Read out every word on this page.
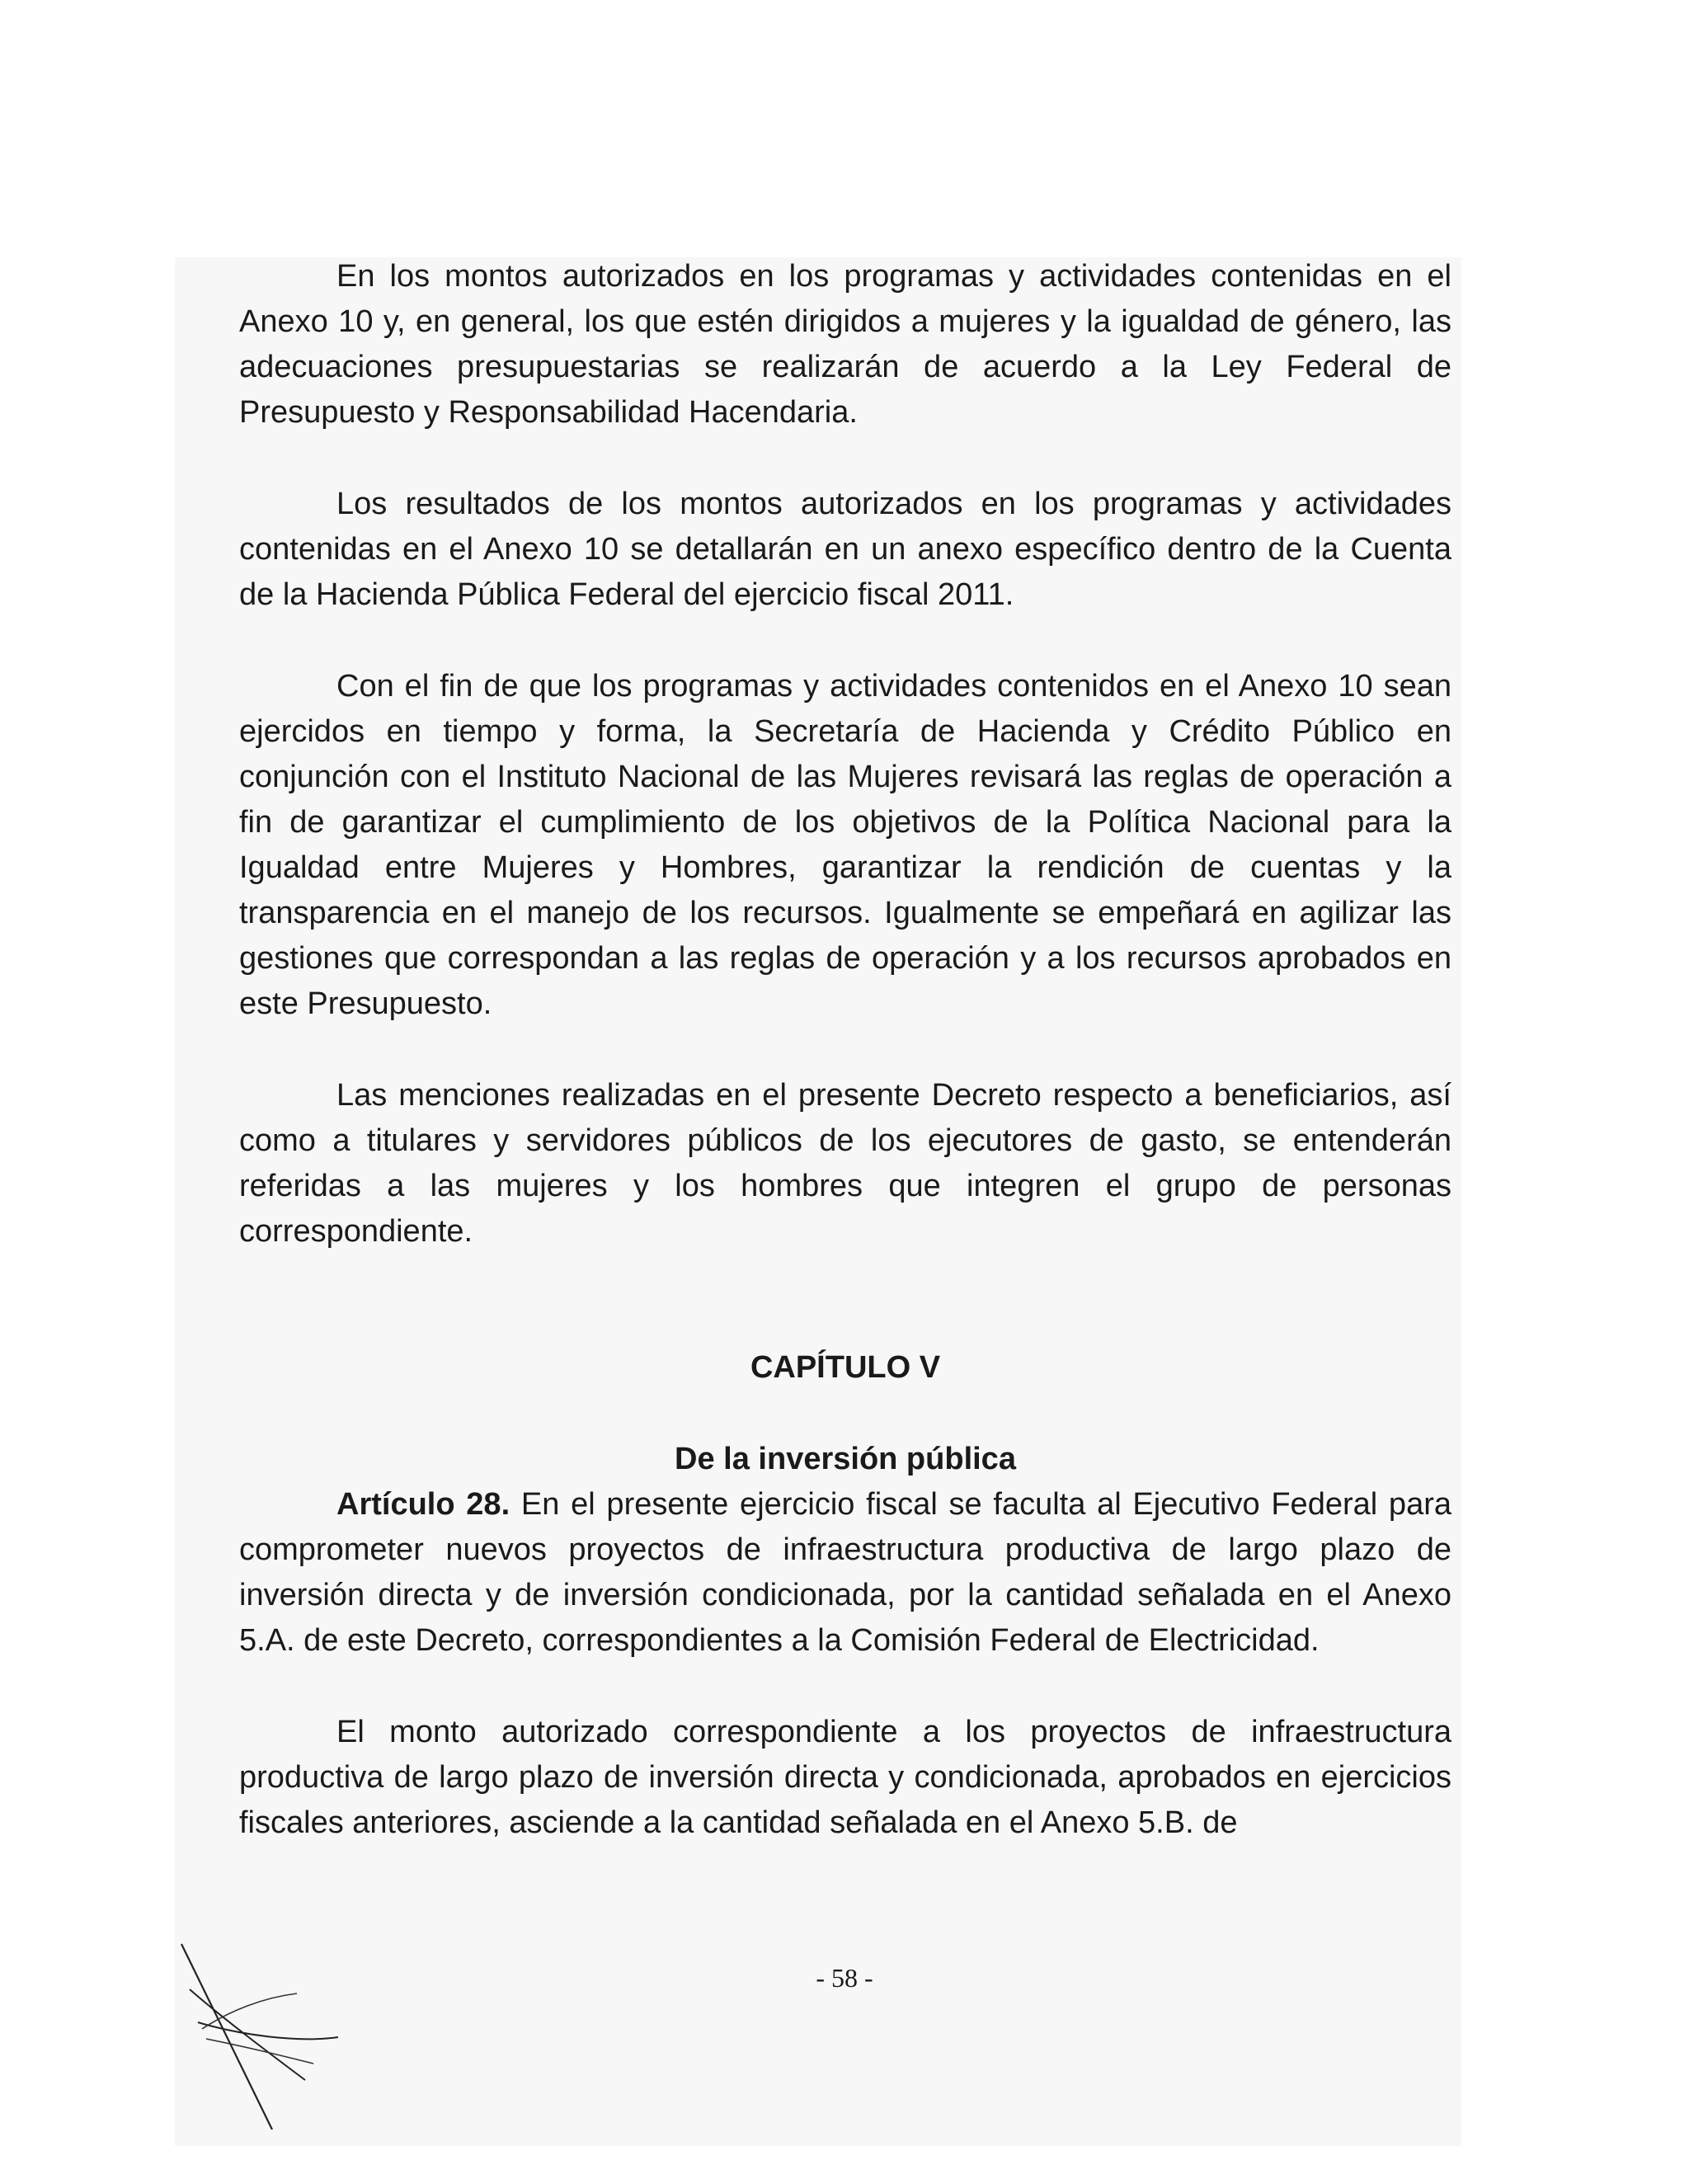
En los montos autorizados en los programas y actividades contenidas en el Anexo 10 y, en general, los que estén dirigidos a mujeres y la igualdad de género, las adecuaciones presupuestarias se realizarán de acuerdo a la Ley Federal de Presupuesto y Responsabilidad Hacendaria.

Los resultados de los montos autorizados en los programas y actividades contenidas en el Anexo 10 se detallarán en un anexo específico dentro de la Cuenta de la Hacienda Pública Federal del ejercicio fiscal 2011.

Con el fin de que los programas y actividades contenidos en el Anexo 10 sean ejercidos en tiempo y forma, la Secretaría de Hacienda y Crédito Público en conjunción con el Instituto Nacional de las Mujeres revisará las reglas de operación a fin de garantizar el cumplimiento de los objetivos de la Política Nacional para la Igualdad entre Mujeres y Hombres, garantizar la rendición de cuentas y la transparencia en el manejo de los recursos. Igualmente se empeñará en agilizar las gestiones que correspondan a las reglas de operación y a los recursos aprobados en este Presupuesto.

Las menciones realizadas en el presente Decreto respecto a beneficiarios, así como a titulares y servidores públicos de los ejecutores de gasto, se entenderán referidas a las mujeres y los hombres que integren el grupo de personas correspondiente.

CAPÍTULO V
De la inversión pública

Artículo 28. En el presente ejercicio fiscal se faculta al Ejecutivo Federal para comprometer nuevos proyectos de infraestructura productiva de largo plazo de inversión directa y de inversión condicionada, por la cantidad señalada en el Anexo 5.A. de este Decreto, correspondientes a la Comisión Federal de Electricidad.

El monto autorizado correspondiente a los proyectos de infraestructura productiva de largo plazo de inversión directa y condicionada, aprobados en ejercicios fiscales anteriores, asciende a la cantidad señalada en el Anexo 5.B. de

- 58 -
